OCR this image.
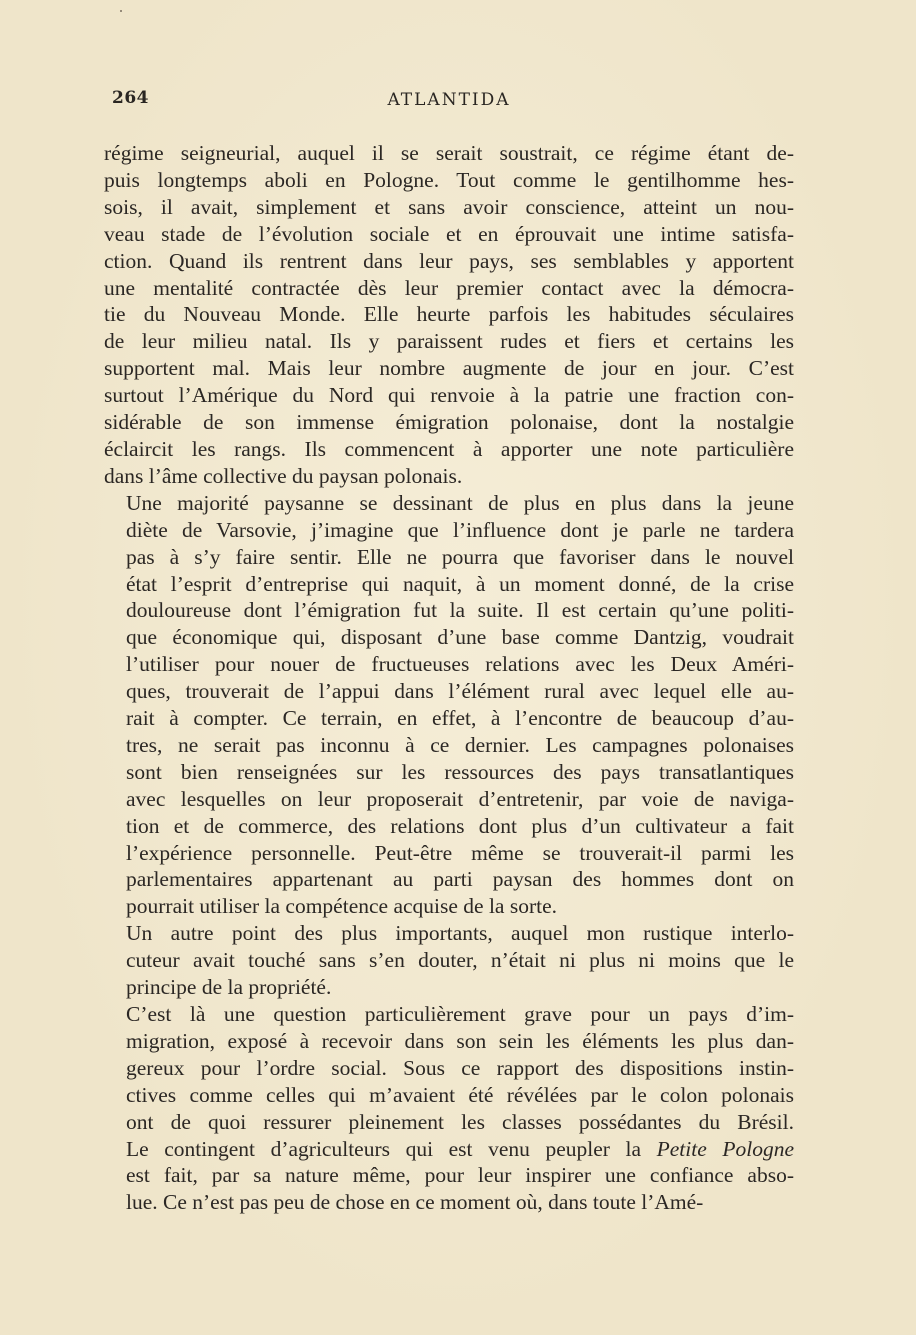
264	ATLANTIDA

régime seigneurial, auquel il se serait soustrait, ce régime étant de-
puis longtemps aboli en Pologne. Tout comme le gentilhomme hes-
sois, il avait, simplement et sans avoir conscience, atteint un nou-
veau stade de l’évolution sociale et en éprouvait une intime satisfa-
ction. Quand ils rentrent dans leur pays, ses semblables y apportent
une mentalité contractée dès leur premier contact avec la démocra-
tie du Nouveau Monde. Elle heurte parfois les habitudes séculaires
de leur milieu natal. Ils y paraissent rudes et fiers et certains les
supportent mal. Mais leur nombre augmente de jour en jour. C’est
surtout l’Amérique du Nord qui renvoie à la patrie une fraction con-
sidérable de son immense émigration polonaise, dont la nostalgie
éclaircit les rangs. Ils commencent à apporter une note particulière
dans l’âme collective du paysan polonais.

Une majorité paysanne se dessinant de plus en plus dans la jeune
diète de Varsovie, j’imagine que l’influence dont je parle ne tardera
pas à s’y faire sentir. Elle ne pourra que favoriser dans le nouvel
état l’esprit d’entreprise qui naquit, à un moment donné, de la crise
douloureuse dont l’émigration fut la suite. Il est certain qu’une politi-
que économique qui, disposant d’une base comme Dantzig, voudrait
l’utiliser pour nouer de fructueuses relations avec les Deux Améri-
ques, trouverait de l’appui dans l’élément rural avec lequel elle au-
rait à compter. Ce terrain, en effet, à l’encontre de beaucoup d’au-
tres, ne serait pas inconnu à ce dernier. Les campagnes polonaises
sont bien renseignées sur les ressources des pays transatlantiques
avec lesquelles on leur proposerait d’entretenir, par voie de naviga-
tion et de commerce, des relations dont plus d’un cultivateur a fait
l’expérience personnelle. Peut-être même se trouverait-il parmi les
parlementaires appartenant au parti paysan des hommes dont on
pourrait utiliser la compétence acquise de la sorte.

Un autre point des plus importants, auquel mon rustique interlo-
cuteur avait touché sans s’en douter, n’était ni plus ni moins que le
principe de la propriété.

C’est là une question particulièrement grave pour un pays d’im-
migration, exposé à recevoir dans son sein les éléments les plus dan-
gereux pour l’ordre social. Sous ce rapport des dispositions instin-
ctives comme celles qui m’avaient été révélées par le colon polonais
ont de quoi ressurer pleinement les classes possédantes du Brésil.
Le contingent d’agriculteurs qui est venu peupler la Petite Pologne
est fait, par sa nature même, pour leur inspirer une confiance abso-
lue. Ce n’est pas peu de chose en ce moment où, dans toute l’Amé-
